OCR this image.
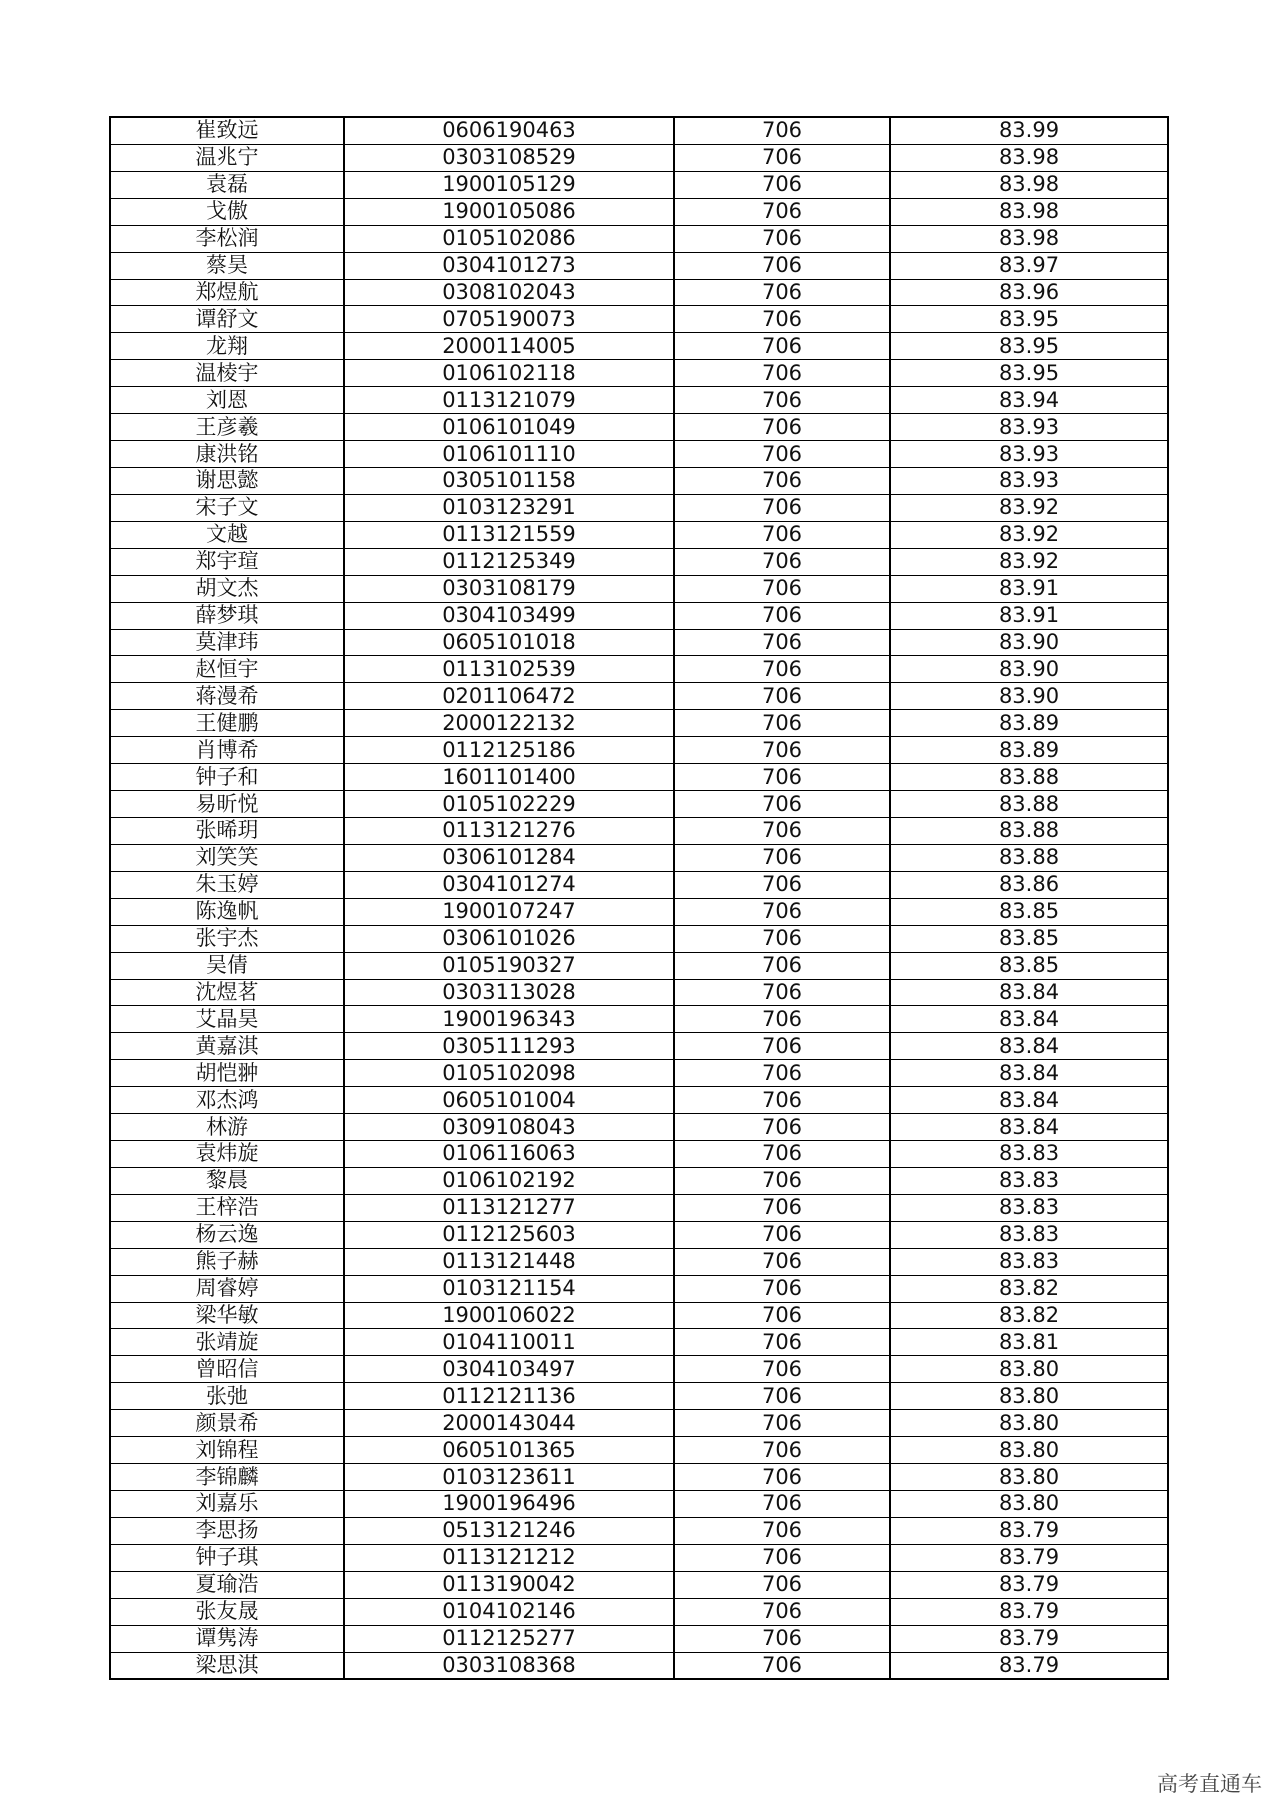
崔致远	0606190463	706	83.99
温兆宁	0303108529	706	83.98
袁磊	1900105129	706	83.98
戈傲	1900105086	706	83.98
李松润	0105102086	706	83.98
蔡昊	0304101273	706	83.97
郑煜航	0308102043	706	83.96
谭舒文	0705190073	706	83.95
龙翔	2000114005	706	83.95
温棱宇	0106102118	706	83.95
刘恩	0113121079	706	83.94
王彦羲	0106101049	706	83.93
康洪铭	0106101110	706	83.93
谢思懿	0305101158	706	83.93
宋子文	0103123291	706	83.92
文越	0113121559	706	83.92
郑宇瑄	0112125349	706	83.92
胡文杰	0303108179	706	83.91
薛梦琪	0304103499	706	83.91
莫津玮	0605101018	706	83.90
赵恒宇	0113102539	706	83.90
蒋漫希	0201106472	706	83.90
王健鹏	2000122132	706	83.89
肖博希	0112125186	706	83.89
钟子和	1601101400	706	83.88
易昕悦	0105102229	706	83.88
张晞玥	0113121276	706	83.88
刘笑笑	0306101284	706	83.88
朱玉婷	0304101274	706	83.86
陈逸帆	1900107247	706	83.85
张宇杰	0306101026	706	83.85
吴倩	0105190327	706	83.85
沈煜茗	0303113028	706	83.84
艾晶昊	1900196343	706	83.84
黄嘉淇	0305111293	706	83.84
胡恺翀	0105102098	706	83.84
邓杰鸿	0605101004	706	83.84
林游	0309108043	706	83.84
袁炜旋	0106116063	706	83.83
黎晨	0106102192	706	83.83
王梓浩	0113121277	706	83.83
杨云逸	0112125603	706	83.83
熊子赫	0113121448	706	83.83
周睿婷	0103121154	706	83.82
梁华敏	1900106022	706	83.82
张靖旋	0104110011	706	83.81
曾昭信	0304103497	706	83.80
张弛	0112121136	706	83.80
颜景希	2000143044	706	83.80
刘锦程	0605101365	706	83.80
李锦麟	0103123611	706	83.80
刘嘉乐	1900196496	706	83.80
李思扬	0513121246	706	83.79
钟子琪	0113121212	706	83.79
夏瑜浩	0113190042	706	83.79
张友晟	0104102146	706	83.79
谭隽涛	0112125277	706	83.79
梁思淇	0303108368	706	83.79
高考直通车
